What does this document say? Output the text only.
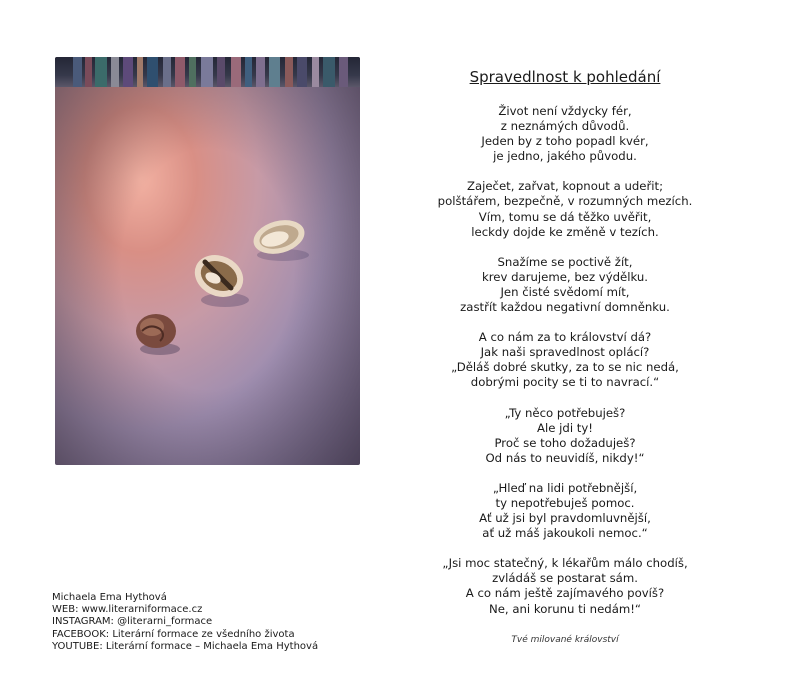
Spravedlnost k pohledání
Život není vždycky fér,
z neznámých důvodů.
Jeden by z toho popadl kvér,
je jedno, jakého původu.
Zaječet, zařvat, kopnout a udeřit;
polštářem, bezpečně, v rozumných mezích.
Vím, tomu se dá těžko uvěřit,
leckdy dojde ke změně v tezích.
Snažíme se poctivě žít,
krev darujeme, bez výdělku.
Jen čisté svědomí mít,
zastřít každou negativní domněnku.
A co nám za to království dá?
Jak naši spravedlnost oplácí?
„Děláš dobré skutky, za to se nic nedá,
dobrými pocity se ti to navrací.“
„Ty něco potřebuješ?
Ale jdi ty!
Proč se toho dožaduješ?
Od nás to neuvidíš, nikdy!“
„Hleď na lidi potřebnější,
ty nepotřebuješ pomoc.
Ať už jsi byl pravdomluvnější,
ať už máš jakoukoli nemoc.“
„Jsi moc statečný, k lékařům málo chodíš,
zvládáš se postarat sám.
A co nám ještě zajímavého povíš?
Ne, ani korunu ti nedám!“
Tvé milované království
Michaela Ema Hythová
WEB: www.literarniformace.cz
INSTAGRAM: @literarni_formace
FACEBOOK: Literární formace ze všedního života
YOUTUBE: Literární formace – Michaela Ema Hythová
